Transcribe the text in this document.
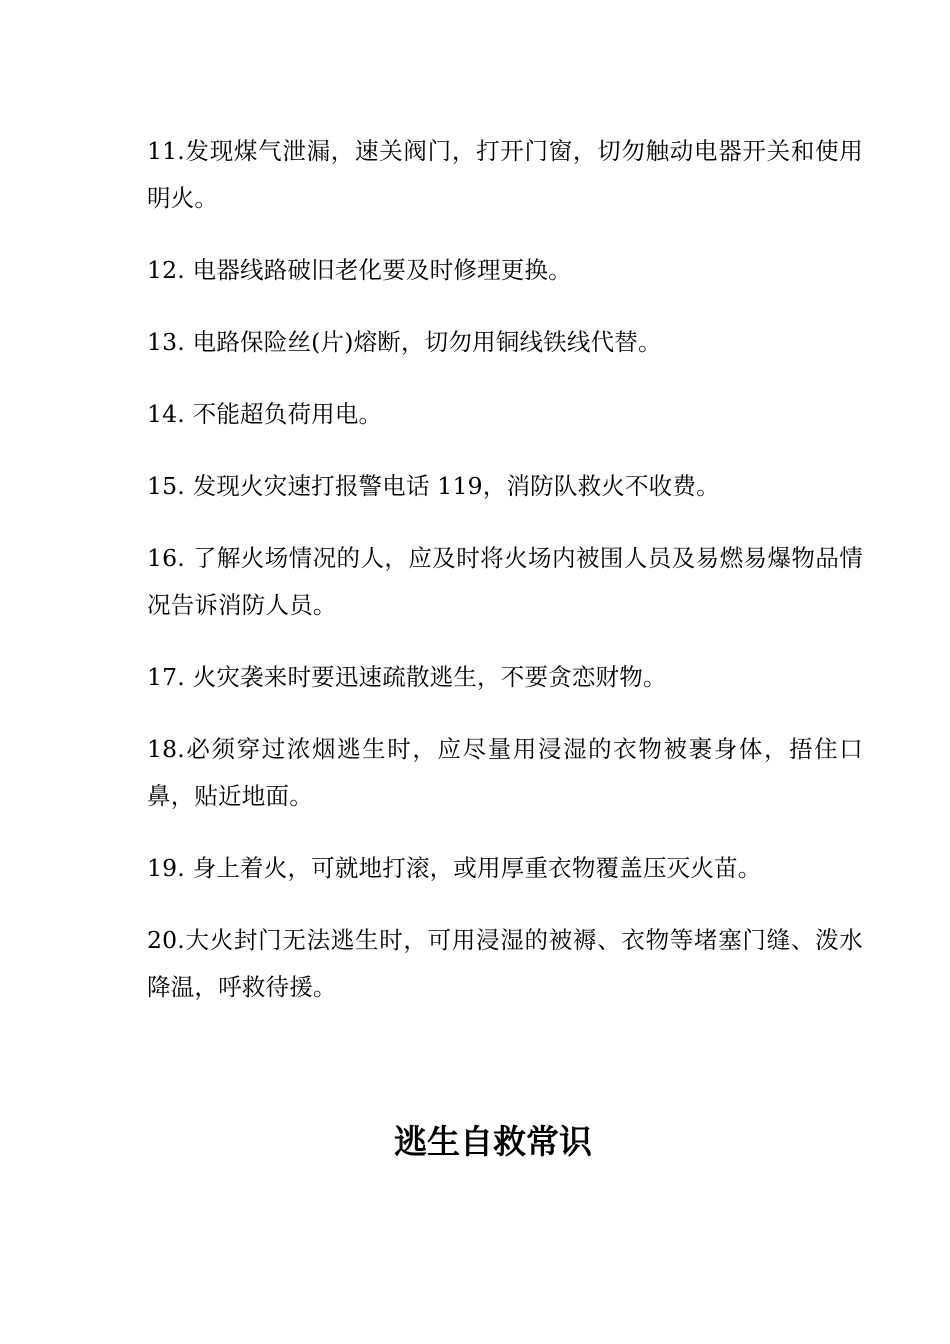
11.发现煤气泄漏，速关阀门，打开门窗，切勿触动电器开关和使用明火。

12. 电器线路破旧老化要及时修理更换。

13. 电路保险丝(片)熔断，切勿用铜线铁线代替。

14. 不能超负荷用电。

15. 发现火灾速打报警电话 119，消防队救火不收费。

16. 了解火场情况的人，应及时将火场内被围人员及易燃易爆物品情况告诉消防人员。

17. 火灾袭来时要迅速疏散逃生，不要贪恋财物。

18.必须穿过浓烟逃生时，应尽量用浸湿的衣物被裹身体，捂住口鼻，贴近地面。

19. 身上着火，可就地打滚，或用厚重衣物覆盖压灭火苗。

20.大火封门无法逃生时，可用浸湿的被褥、衣物等堵塞门缝、泼水降温，呼救待援。

逃生自救常识
